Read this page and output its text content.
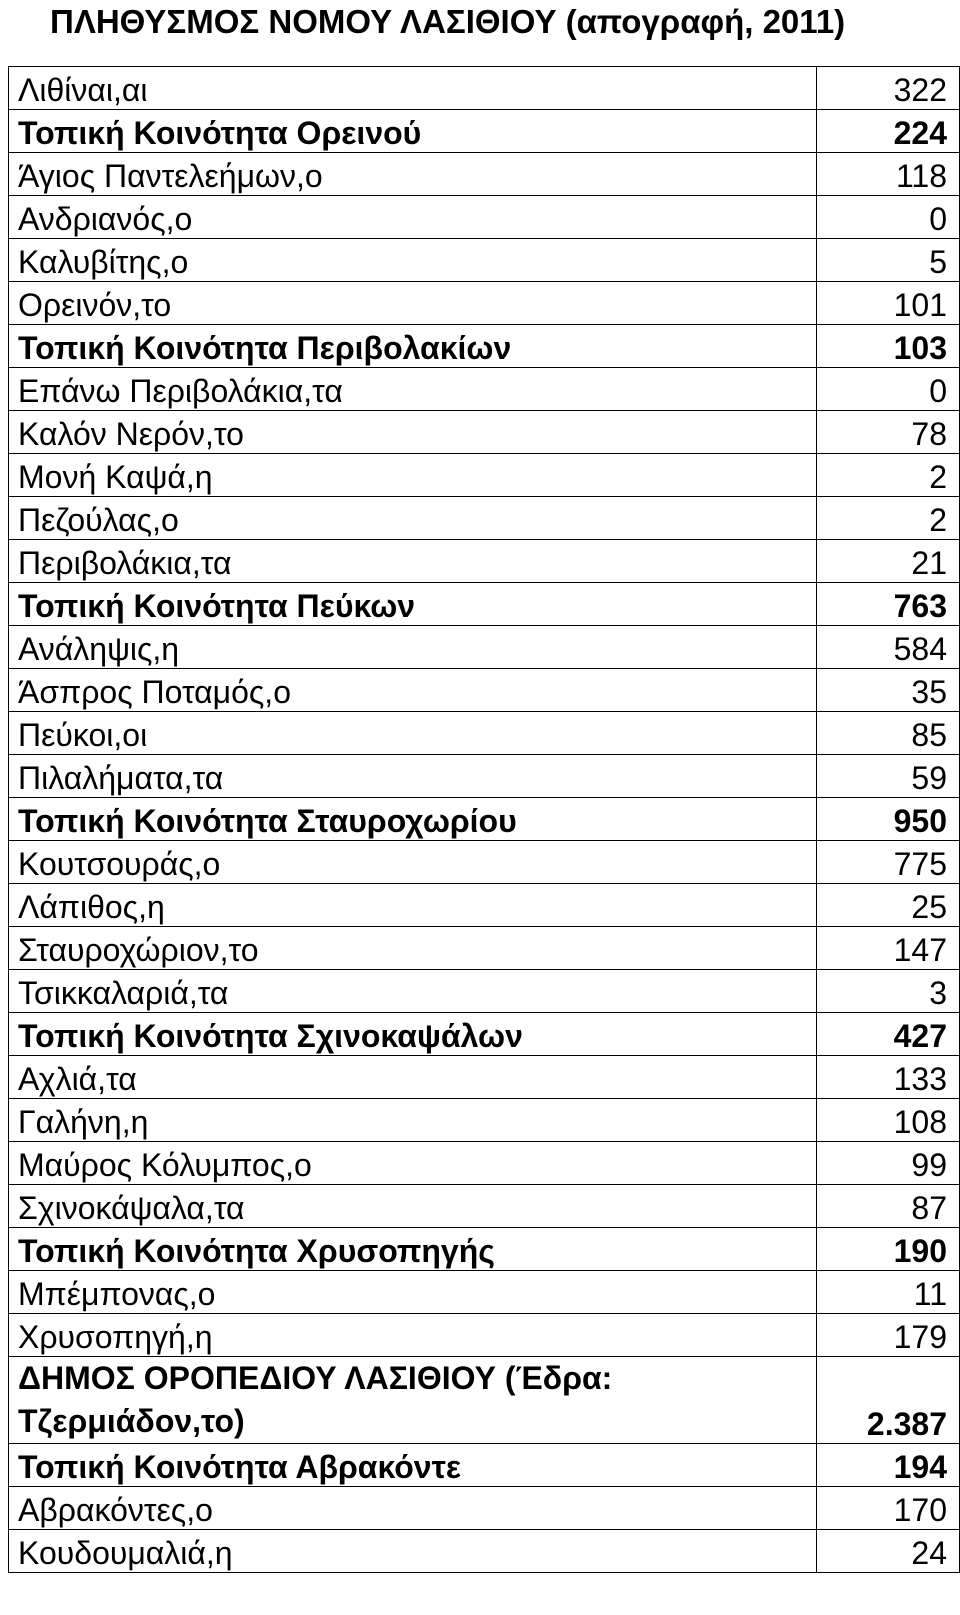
ΠΛΗΘΥΣΜΟΣ ΝΟΜΟΥ ΛΑΣΙΘΙΟΥ (απογραφή, 2011)
Λιθίναι,αι	322
Τοπική Κοινότητα Ορεινού	224
Άγιος Παντελεήμων,ο	118
Ανδριανός,ο	0
Καλυβίτης,ο	5
Ορεινόν,το	101
Τοπική Κοινότητα Περιβολακίων	103
Επάνω Περιβολάκια,τα	0
Καλόν Νερόν,το	78
Μονή Καψά,η	2
Πεζούλας,ο	2
Περιβολάκια,τα	21
Τοπική Κοινότητα Πεύκων	763
Ανάληψις,η	584
Άσπρος Ποταμός,ο	35
Πεύκοι,οι	85
Πιλαλήματα,τα	59
Τοπική Κοινότητα Σταυροχωρίου	950
Κουτσουράς,ο	775
Λάπιθος,η	25
Σταυροχώριον,το	147
Τσικκαλαριά,τα	3
Τοπική Κοινότητα Σχινοκαψάλων	427
Αχλιά,τα	133
Γαλήνη,η	108
Μαύρος Κόλυμπος,ο	99
Σχινοκάψαλα,τα	87
Τοπική Κοινότητα Χρυσοπηγής	190
Μπέμπονας,ο	11
Χρυσοπηγή,η	179
ΔΗΜΟΣ ΟΡΟΠΕΔΙΟΥ ΛΑΣΙΘΙΟΥ (Έδρα: Τζερμιάδον,το)	2.387
Τοπική Κοινότητα Αβρακόντε	194
Αβρακόντες,ο	170
Κουδουμαλιά,η	24
